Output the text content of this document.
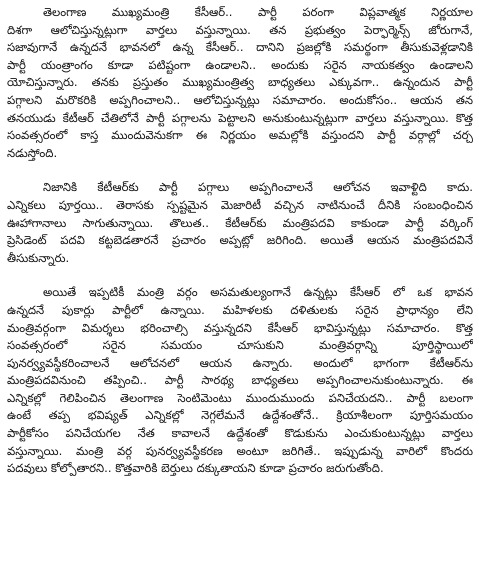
తెలంగాణ ముఖ్యమంత్రి కేసీఆర్.. పార్టీ పరంగా విప్లవాత్మక నిర్ణయాల
దిశగా ఆలోచిస్తున్నట్లుగా వార్తలు వస్తున్నాయి. తన ప్రభుత్వం పెర్ఫార్మెన్స్ జోరుగానే,
సజావుగానే ఉన్నదనే భావనలో ఉన్న కేసీఆర్.. దానిని ప్రజల్లోకి సమర్థంగా తీసుకువెళ్లడానికి
పార్టీ యంత్రాంగం కూడా పటిష్టంగా ఉండాలని.. అందుకు సరైన నాయకత్వం ఉండాలని
యోచిస్తున్నారు. తనకు ప్రస్తుతం ముఖ్యమంత్రిత్వ బాధ్యతలు ఎక్కువగా.. ఉన్నందున పార్టీ
పగ్గాలని మరొకరికి అప్పగించాలని.. ఆలోచిస్తున్నట్లు సమాచారం. అందుకోసం.. ఆయన తన
తనయుడు కేటీఆర్ చేతిలోనే పార్టీ పగ్గాలను పెట్టాలని అనుకుంటున్నట్లుగా వార్తలు వస్తున్నాయి. కొత్త
సంవత్సరంలో కాస్త ముందువెనుకగా ఈ నిర్ణయం అమల్లోకి వస్తుందని పార్టీ వర్గాల్లో చర్చ
నడుస్తోంది.
నిజానికి కేటీఆర్‌కు పార్టీ పగ్గాలు అప్పగించాలనే ఆలోచన ఇవాళ్టిది కాదు.
ఎన్నికలు పూర్తయి.. తెరాసకు స్పష్టమైన మెజారిటీ వచ్చిన నాటినుంచే దీనికి సంబంధించిన
ఊహాగానాలు సాగుతున్నాయి. తొలుత.. కేటీఆర్‌కు మంత్రిపదవి కాకుండా పార్టీ వర్కింగ్
ప్రెసిడెంట్ పదవి కట్టబెడతారనే ప్రచారం అప్పట్లో జరిగింది. అయితే ఆయన మంత్రిపదవినే
తీసుకున్నారు.
అయితే ఇప్పటికీ మంత్రి వర్గం అసమతుల్యంగానే ఉన్నట్లు కేసీఆర్ లో ఒక భావన
ఉన్నదనే పుకార్లు పార్టీలో ఉన్నాయి. మహిళలకు దళితులకు సరైన ప్రాధాన్యం లేని
మంత్రివర్గంగా విమర్శలు భరించాల్సి వస్తున్నదని కేసీఆర్ భావిస్తున్నట్లు సమాచారం. కొత్త
సంవత్సరంలో సరైన సమయం చూసుకుని మంత్రివర్గాన్ని పూర్తిస్థాయిలో
పునర్వ్యవస్థీకరించాలనే ఆలోచనలో ఆయన ఉన్నారు. అందులో భాగంగా కేటీఆర్‌ను
మంత్రిపదవినుంచి తప్పించి.. పార్టీ సారథ్య బాధ్యతలు అప్పగించాలనుకుంటున్నారు. ఈ
ఎన్నికల్లో గెలిపించిన తెలంగాణ సెంటిమెంటు ముందుముందు పనిచేయదని.. పార్టీ బలంగా
ఉంటే తప్ప భవిష్యత్ ఎన్నికల్లో నెగ్గలేమనే ఉద్దేశంతోనే.. క్రియాశీలంగా పూర్తిసమయం
పార్టీకోసం పనిచేయగల నేత కావాలనే ఉద్దేశంతో కొడుకును ఎంచుకుంటున్నట్లు వార్తలు
వస్తున్నాయి. మంత్రి వర్గ పునర్వ్యవస్థీకరణ అంటూ జరిగితే.. ఇప్పుడున్న వారిలో కొందరు
పదవులు కోల్పోతారని.. కొత్తవారికి బెర్తులు దక్కుతాయని కూడా ప్రచారం జరుగుతోంది.
